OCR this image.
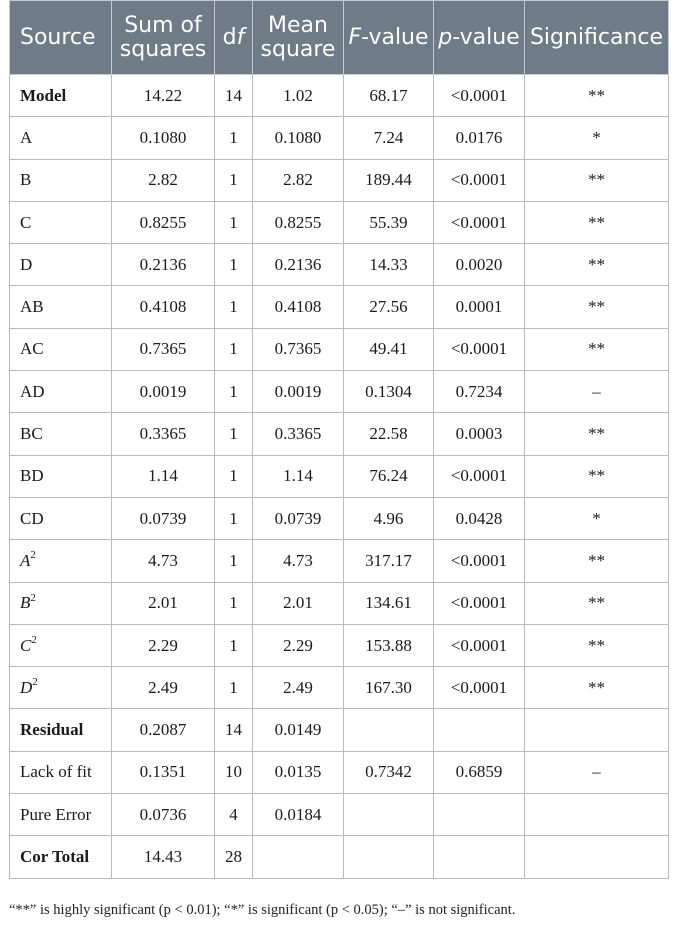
Source	Sum of squares	df	Mean square	F-value	p-value	Significance
Model	14.22	14	1.02	68.17	<0.0001	**
A	0.1080	1	0.1080	7.24	0.0176	*
B	2.82	1	2.82	189.44	<0.0001	**
C	0.8255	1	0.8255	55.39	<0.0001	**
D	0.2136	1	0.2136	14.33	0.0020	**
AB	0.4108	1	0.4108	27.56	0.0001	**
AC	0.7365	1	0.7365	49.41	<0.0001	**
AD	0.0019	1	0.0019	0.1304	0.7234	–
BC	0.3365	1	0.3365	22.58	0.0003	**
BD	1.14	1	1.14	76.24	<0.0001	**
CD	0.0739	1	0.0739	4.96	0.0428	*
$A^2$	4.73	1	4.73	317.17	<0.0001	**
$B^2$	2.01	1	2.01	134.61	<0.0001	**
$C^2$	2.29	1	2.29	153.88	<0.0001	**
$D^2$	2.49	1	2.49	167.30	<0.0001	**
Residual	0.2087	14	0.0149			
Lack of fit	0.1351	10	0.0135	0.7342	0.6859	–
Pure Error	0.0736	4	0.0184			
Cor Total	14.43	28				
“**” is highly significant (p < 0.01); “*” is significant (p < 0.05); “–” is not significant.
